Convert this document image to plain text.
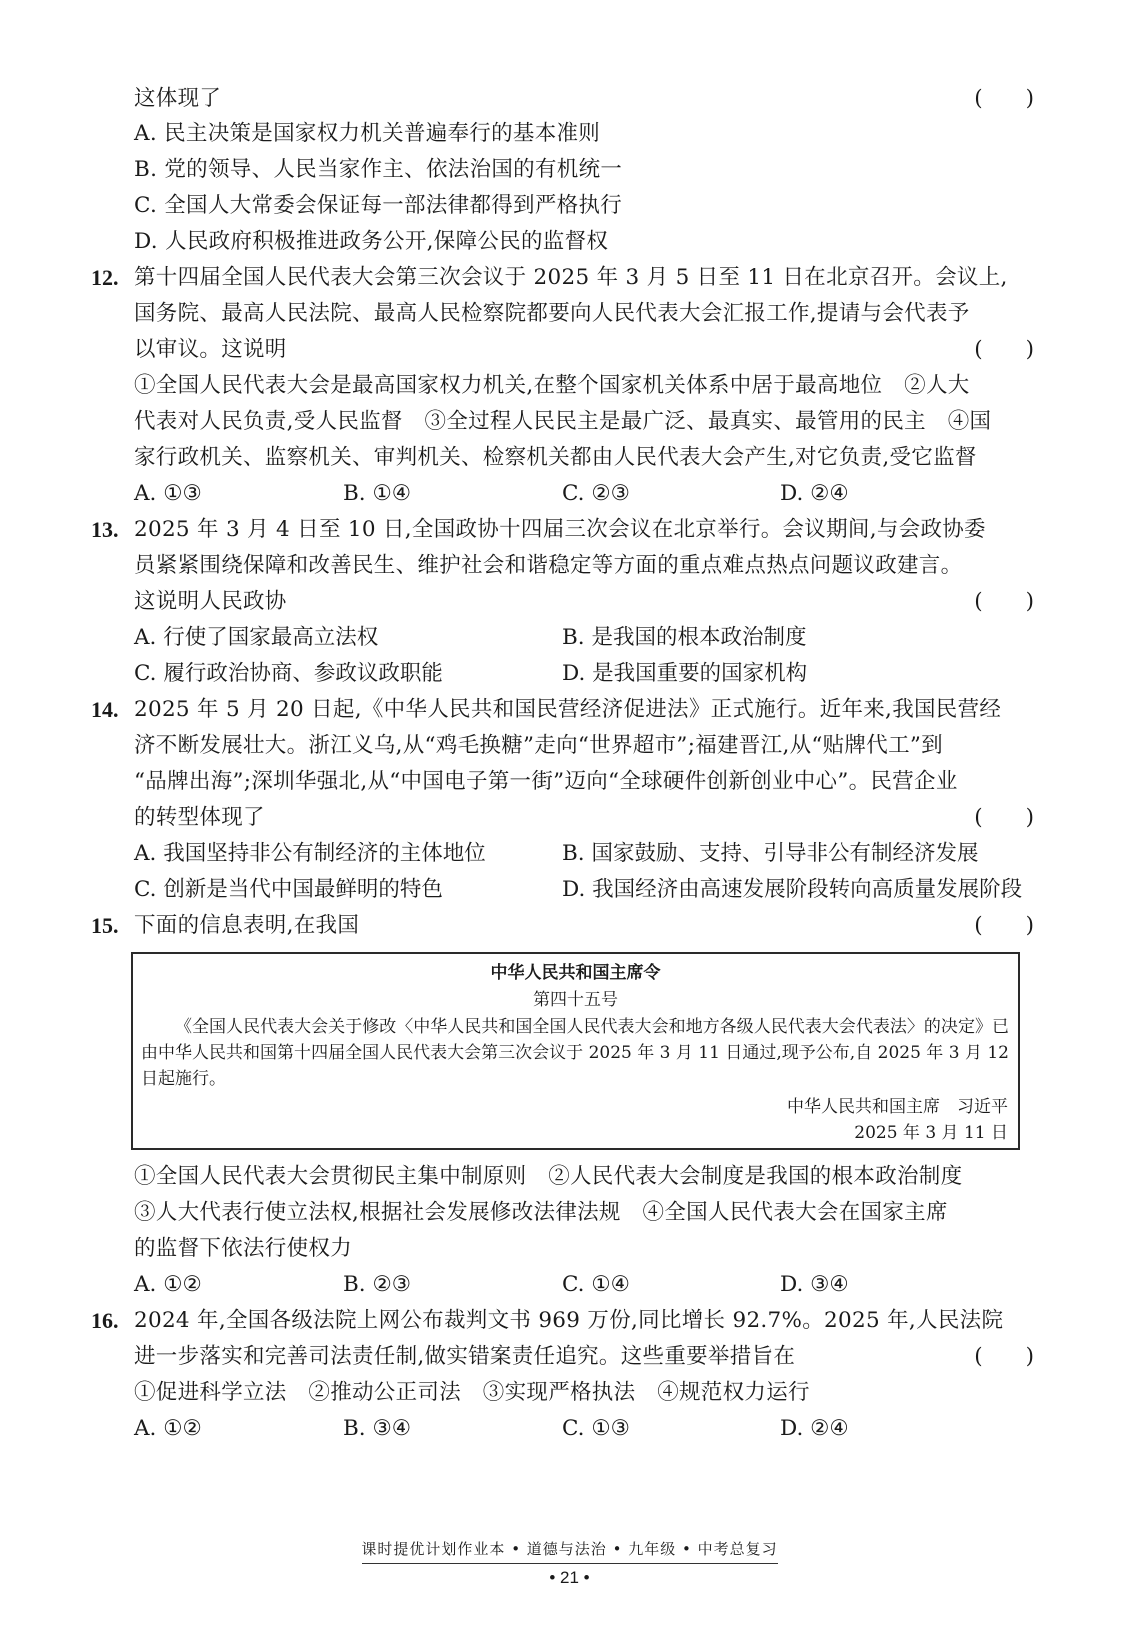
这体现了	(　　)
A. 民主决策是国家权力机关普遍奉行的基本准则
B. 党的领导、人民当家作主、依法治国的有机统一
C. 全国人大常委会保证每一部法律都得到严格执行
D. 人民政府积极推进政务公开,保障公民的监督权
12. 第十四届全国人民代表大会第三次会议于 2025 年 3 月 5 日至 11 日在北京召开。会议上,
国务院、最高人民法院、最高人民检察院都要向人民代表大会汇报工作,提请与会代表予
以审议。这说明	(　　)
①全国人民代表大会是最高国家权力机关,在整个国家机关体系中居于最高地位　②人大
代表对人民负责,受人民监督　③全过程人民民主是最广泛、最真实、最管用的民主　④国
家行政机关、监察机关、审判机关、检察机关都由人民代表大会产生,对它负责,受它监督
A. ①③	B. ①④	C. ②③	D. ②④
13. 2025 年 3 月 4 日至 10 日,全国政协十四届三次会议在北京举行。会议期间,与会政协委
员紧紧围绕保障和改善民生、维护社会和谐稳定等方面的重点难点热点问题议政建言。
这说明人民政协	(　　)
A. 行使了国家最高立法权	B. 是我国的根本政治制度
C. 履行政治协商、参政议政职能	D. 是我国重要的国家机构
14. 2025 年 5 月 20 日起,《中华人民共和国民营经济促进法》正式施行。近年来,我国民营经
济不断发展壮大。浙江义乌,从“鸡毛换糖”走向“世界超市”;福建晋江,从“贴牌代工”到
“品牌出海”;深圳华强北,从“中国电子第一街”迈向“全球硬件创新创业中心”。民营企业
的转型体现了	(　　)
A. 我国坚持非公有制经济的主体地位	B. 国家鼓励、支持、引导非公有制经济发展
C. 创新是当代中国最鲜明的特色	D. 我国经济由高速发展阶段转向高质量发展阶段
15. 下面的信息表明,在我国	(　　)
中华人民共和国主席令
第四十五号
《全国人民代表大会关于修改〈中华人民共和国全国人民代表大会和地方各级人民代表大会代表法〉的决定》已由中华人民共和国第十四届全国人民代表大会第三次会议于 2025 年 3 月 11 日通过,现予公布,自 2025 年 3 月 12 日起施行。
中华人民共和国主席　习近平
2025 年 3 月 11 日
①全国人民代表大会贯彻民主集中制原则　②人民代表大会制度是我国的根本政治制度
③人大代表行使立法权,根据社会发展修改法律法规　④全国人民代表大会在国家主席
的监督下依法行使权力
A. ①②	B. ②③	C. ①④	D. ③④
16. 2024 年,全国各级法院上网公布裁判文书 969 万份,同比增长 92.7%。2025 年,人民法院
进一步落实和完善司法责任制,做实错案责任追究。这些重要举措旨在	(　　)
①促进科学立法　②推动公正司法　③实现严格执法　④规范权力运行
A. ①②	B. ③④	C. ①③	D. ②④
课时提优计划作业本 • 道德与法治 • 九年级 • 中考总复习
• 21 •
